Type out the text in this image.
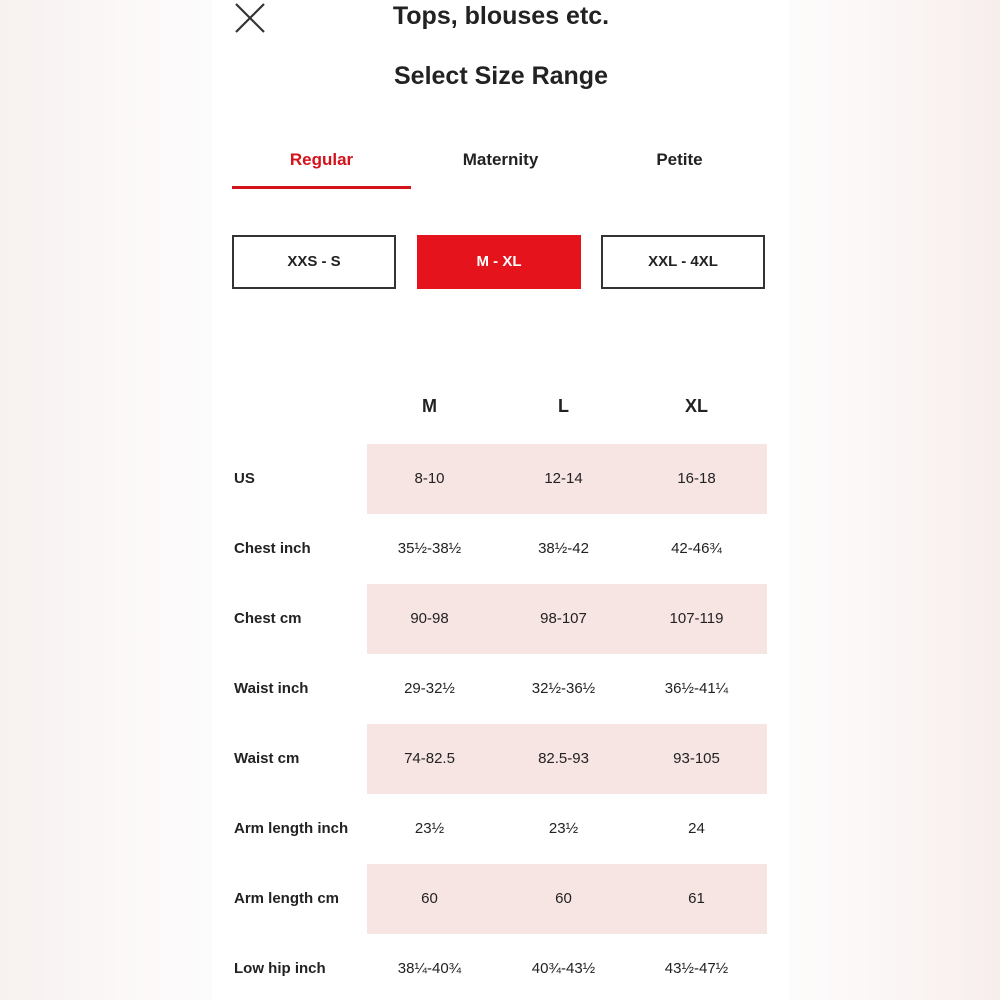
Tops, blouses etc.
Select Size Range
Regular	Maternity	Petite
XXS - S	M - XL	XXL - 4XL
M	L	XL
US	8-10	12-14	16-18
Chest inch	35½-38½	38½-42	42-46¾
Chest cm	90-98	98-107	107-119
Waist inch	29-32½	32½-36½	36½-41¼
Waist cm	74-82.5	82.5-93	93-105
Arm length inch	23½	23½	24
Arm length cm	60	60	61
Low hip inch	38¼-40¾	40¾-43½	43½-47½
